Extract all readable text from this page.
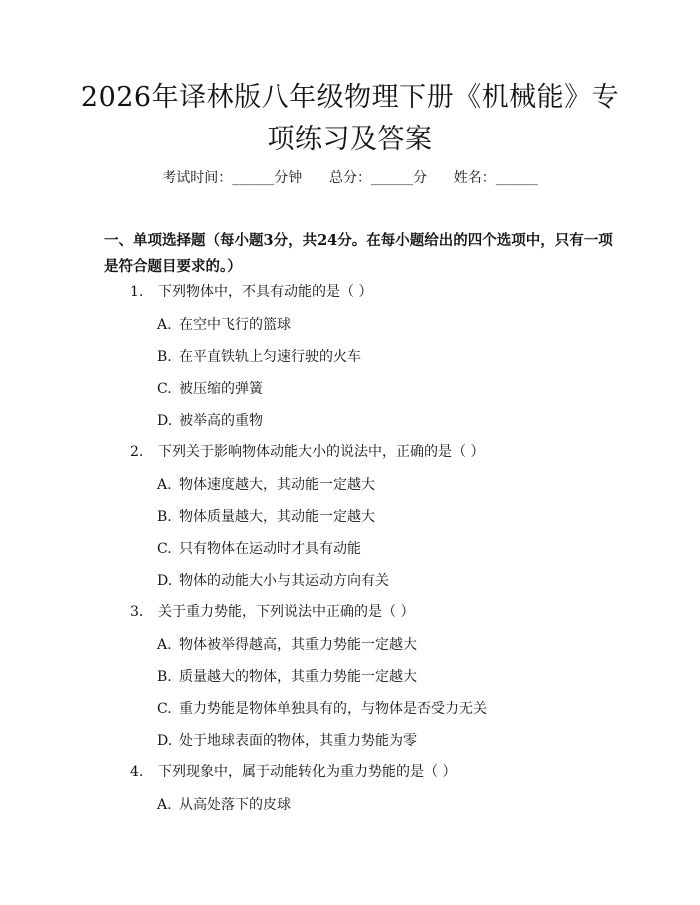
2026年译林版八年级物理下册《机械能》专项练习及答案
考试时间：______分钟 总分：______分 姓名：______
一、单项选择题（每小题3分，共24分。在每小题给出的四个选项中，只有一项是符合题目要求的。）
1. 下列物体中，不具有动能的是（ ）
A. 在空中飞行的篮球
B. 在平直铁轨上匀速行驶的火车
C. 被压缩的弹簧
D. 被举高的重物
2. 下列关于影响物体动能大小的说法中，正确的是（ ）
A. 物体速度越大，其动能一定越大
B. 物体质量越大，其动能一定越大
C. 只有物体在运动时才具有动能
D. 物体的动能大小与其运动方向有关
3. 关于重力势能，下列说法中正确的是（ ）
A. 物体被举得越高，其重力势能一定越大
B. 质量越大的物体，其重力势能一定越大
C. 重力势能是物体单独具有的，与物体是否受力无关
D. 处于地球表面的物体，其重力势能为零
4. 下列现象中，属于动能转化为重力势能的是（ ）
A. 从高处落下的皮球
